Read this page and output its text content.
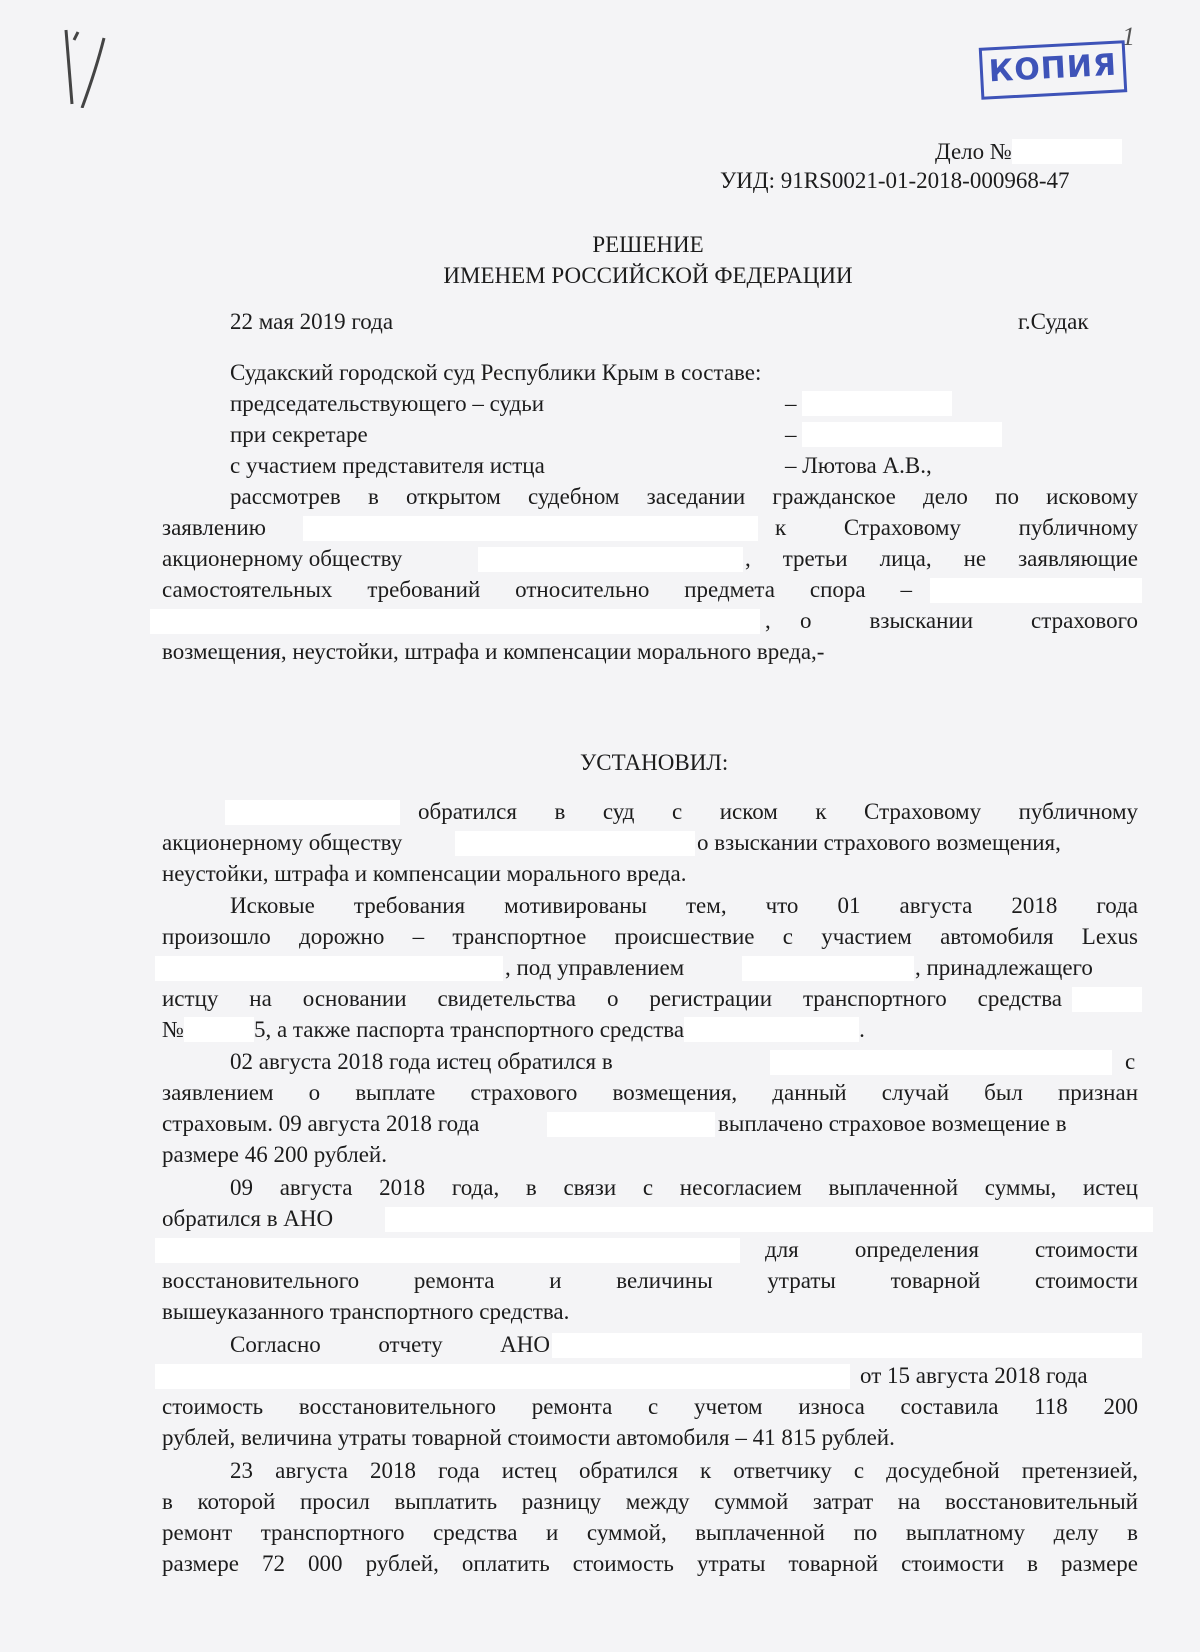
1
КОПИЯ
Дело №
УИД: 91RS0021-01-2018-000968-47
РЕШЕНИЕ
ИМЕНЕМ РОССИЙСКОЙ ФЕДЕРАЦИИ
22 мая 2019 года	г.Судак
Судакский городской суд Республики Крым в составе:
председательствующего – судьи	–
при секретаре	–
с участием представителя истца	– Лютова А.В.,
рассмотрев в открытом судебном заседании гражданское дело по исковому
заявлению	к Страховому публичному
акционерному обществу	, третьи лица, не заявляющие
самостоятельных требований относительно предмета спора –
, о взыскании страхового
возмещения, неустойки, штрафа и компенсации морального вреда,-
УСТАНОВИЛ:
обратился в суд с иском к Страховому публичному
акционерному обществу	о взыскании страхового возмещения,
неустойки, штрафа и компенсации морального вреда.
Исковые требования мотивированы тем, что 01 августа 2018 года
произошло дорожно – транспортное происшествие с участием автомобиля Lexus
, под управлением	, принадлежащего
истцу на основании свидетельства о регистрации транспортного средства
№	5, а также паспорта транспортного средства	.
02 августа 2018 года истец обратился в	с
заявлением о выплате страхового возмещения, данный случай был признан
страховым. 09 августа 2018 года	выплачено страховое возмещение в
размере 46 200 рублей.
09 августа 2018 года, в связи с несогласием выплаченной суммы, истец
обратился в АНО
для определения стоимости
восстановительного ремонта и величины утраты товарной стоимости
вышеуказанного транспортного средства.
Согласно отчету АНО
от 15 августа 2018 года
стоимость восстановительного ремонта с учетом износа составила 118 200
рублей, величина утраты товарной стоимости автомобиля – 41 815 рублей.
23 августа 2018 года истец обратился к ответчику с досудебной претензией,
в которой просил выплатить разницу между суммой затрат на восстановительный
ремонт транспортного средства и суммой, выплаченной по выплатному делу в
размере 72 000 рублей, оплатить стоимость утраты товарной стоимости в размере
